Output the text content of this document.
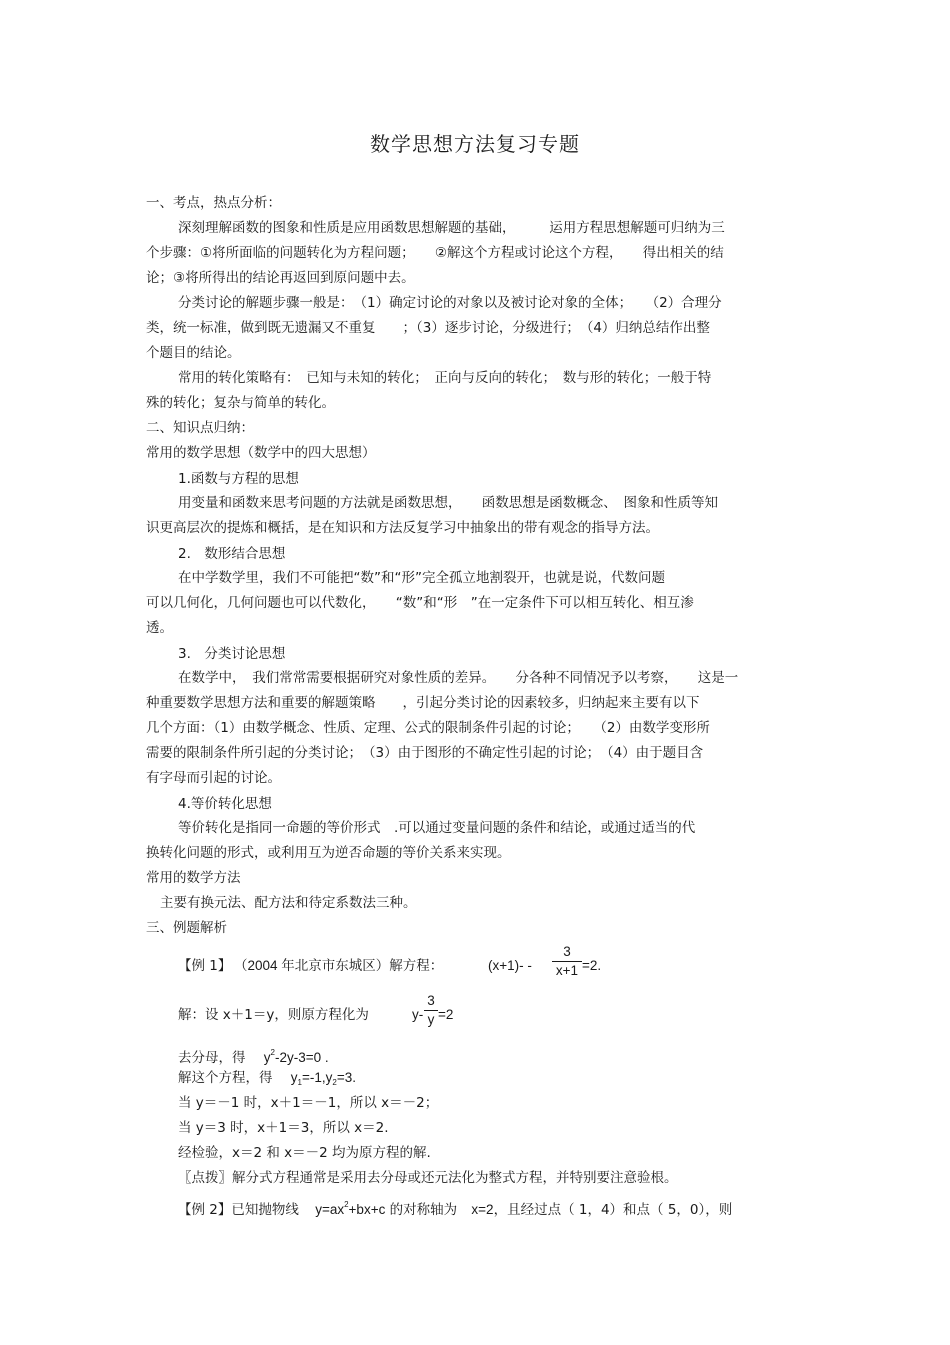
数学思想方法复习专题
一、考点，热点分析：
深刻理解函数的图象和性质是应用函数思想解题的基础，　　　运用方程思想解题可归纳为三
个步骤：①将所面临的问题转化为方程问题；　　②解这个方程或讨论这个方程，　　得出相关的结
论；③将所得出的结论再返回到原问题中去。
分类讨论的解题步骤一般是：　（1）确定讨论的对象以及被讨论对象的全体；　　（2）合理分
类，统一标准，做到既无遗漏又不重复　　；（3）逐步讨论，分级进行；　（4）归纳总结作出整
个题目的结论。
常用的转化策略有：　已知与未知的转化；　正向与反向的转化；　数与形的转化；一般于特
殊的转化；复杂与简单的转化。
二、知识点归纳：
常用的数学思想（数学中的四大思想）
1.函数与方程的思想
用变量和函数来思考问题的方法就是函数思想，　　函数思想是函数概念、　图象和性质等知
识更高层次的提炼和概括，是在知识和方法反复学习中抽象出的带有观念的指导方法。
2.　数形结合思想
在中学数学里，我们不可能把“数”和“形”完全孤立地割裂开，也就是说，代数问题
可以几何化，几何问题也可以代数化，　　“数”和“形　”在一定条件下可以相互转化、相互渗
透。
3.　分类讨论思想
在数学中，　我们常常需要根据研究对象性质的差异。　　分各种不同情况予以考察，　　这是一
种重要数学思想方法和重要的解题策略　　，引起分类讨论的因素较多，归纳起来主要有以下
几个方面：（1）由数学概念、性质、定理、公式的限制条件引起的讨论；　　（2）由数学变形所
需要的限制条件所引起的分类讨论；　（3）由于图形的不确定性引起的讨论；　（4）由于题目含
有字母而引起的讨论。
4.等价转化思想
等价转化是指同一命题的等价形式　.可以通过变量问题的条件和结论，或通过适当的代
换转化问题的形式，或利用互为逆否命题的等价关系来实现。
常用的数学方法
主要有换元法、配方法和待定系数法三种。
三、例题解析
【例 1】 （2004 年北京市东城区）解方程：	(x+1)- -
3
x+1 =2.
解：设 x＋1＝y，则原方程化为	y-
3
y =2
去分母，得 $y^2-2y-3=0$ .
解这个方程，得 $y_1=-1,y_2=3$.
当 y＝－1 时，x＋1＝－1，所以 x＝－2；
当 y＝3 时，x＋1＝3，所以 x＝2.
经检验，x＝2 和 x＝－2 均为原方程的解.
〖点拨〗解分式方程通常是采用去分母或还元法化为整式方程，并特别要注意验根。
【例 2】已知抛物线 $y=ax^2+bx+c$ 的对称轴为 x=2，且经过点（ 1，4）和点（ 5，0），则
